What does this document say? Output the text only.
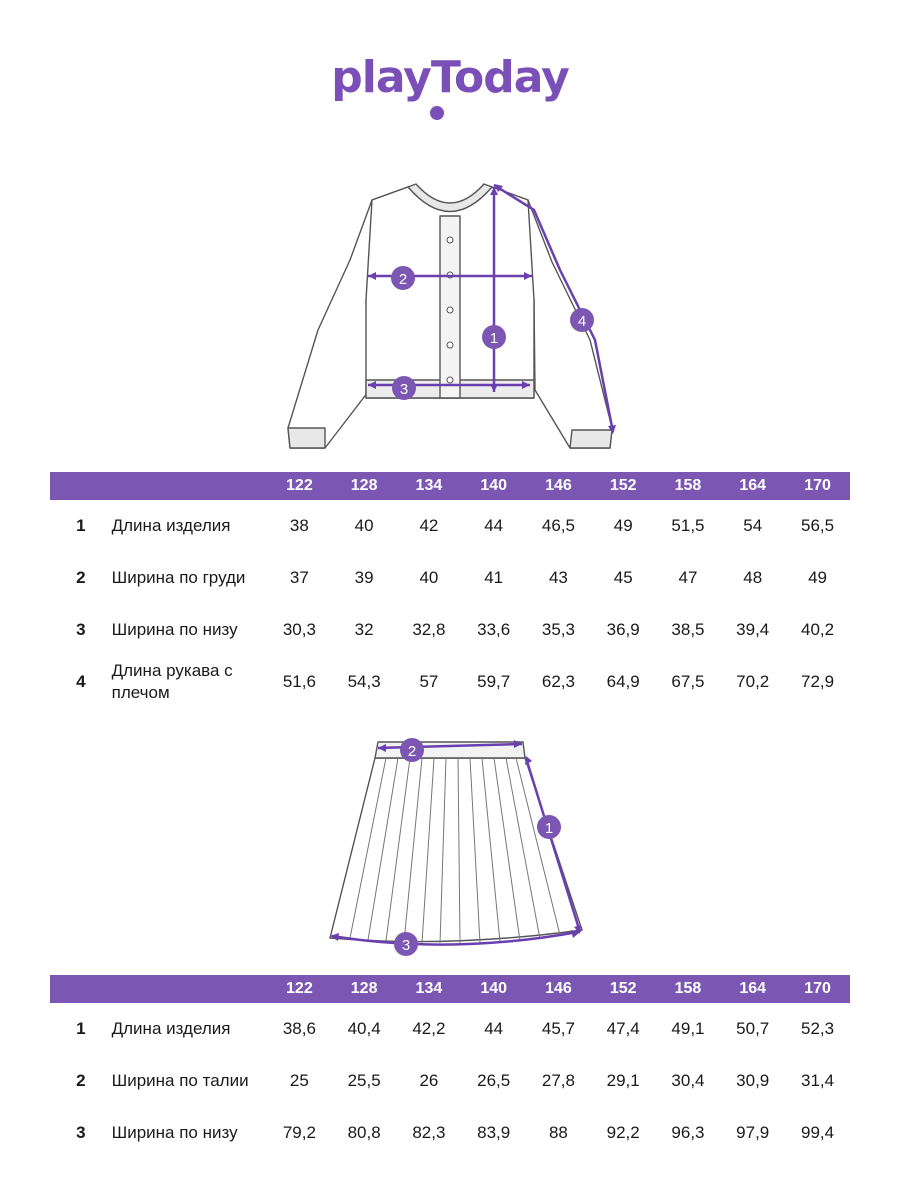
playToday
1
2
3
4
		122	128	134	140	146	152	158	164	170
1	Длина изделия	38	40	42	44	46,5	49	51,5	54	56,5
2	Ширина по груди	37	39	40	41	43	45	47	48	49
3	Ширина по низу	30,3	32	32,8	33,6	35,3	36,9	38,5	39,4	40,2
4	Длина рукава с плечом	51,6	54,3	57	59,7	62,3	64,9	67,5	70,2	72,9
1
2
3
		122	128	134	140	146	152	158	164	170
1	Длина изделия	38,6	40,4	42,2	44	45,7	47,4	49,1	50,7	52,3
2	Ширина по талии	25	25,5	26	26,5	27,8	29,1	30,4	30,9	31,4
3	Ширина по низу	79,2	80,8	82,3	83,9	88	92,2	96,3	97,9	99,4
